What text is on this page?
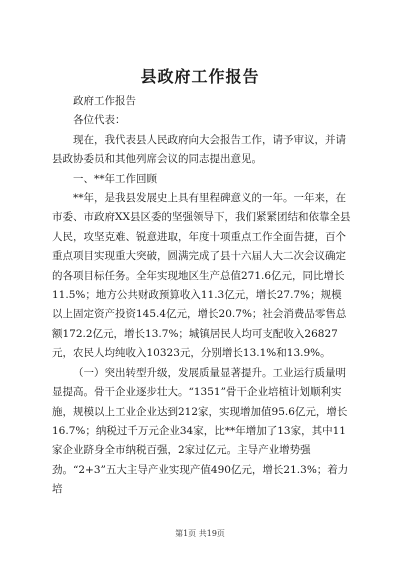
县政府工作报告

政府工作报告

各位代表：

现在，我代表县人民政府向大会报告工作，请予审议，并请县政协委员和其他列席会议的同志提出意见。

一、**年工作回顾

**年，是我县发展史上具有里程碑意义的一年。一年来，在市委、市政府XX县区委的坚强领导下，我们紧紧团结和依靠全县人民，攻坚克难、锐意进取，年度十项重点工作全面告捷，百个重点项目实现重大突破，圆满完成了县十六届人大二次会议确定的各项目标任务。全年实现地区生产总值271.6亿元，同比增长11.5%；地方公共财政预算收入11.3亿元，增长27.7%；规模以上固定资产投资145.4亿元，增长20.7%；社会消费品零售总额172.2亿元，增长13.7%；城镇居民人均可支配收入26827元，农民人均纯收入10323元，分别增长13.1%和13.9%。

（一）突出转型升级，发展质量显著提升。工业运行质量明显提高。骨干企业逐步壮大。“1351”骨干企业培植计划顺利实施，规模以上工业企业达到212家，实现增加值95.6亿元，增长16.7%；纳税过千万元企业34家，比**年增加了13家，其中11家企业跻身全市纳税百强，2家过亿元。主导产业增势强劲。“2+3”五大主导产业实现产值490亿元，增长21.3%；着力培

第1页 共19页
